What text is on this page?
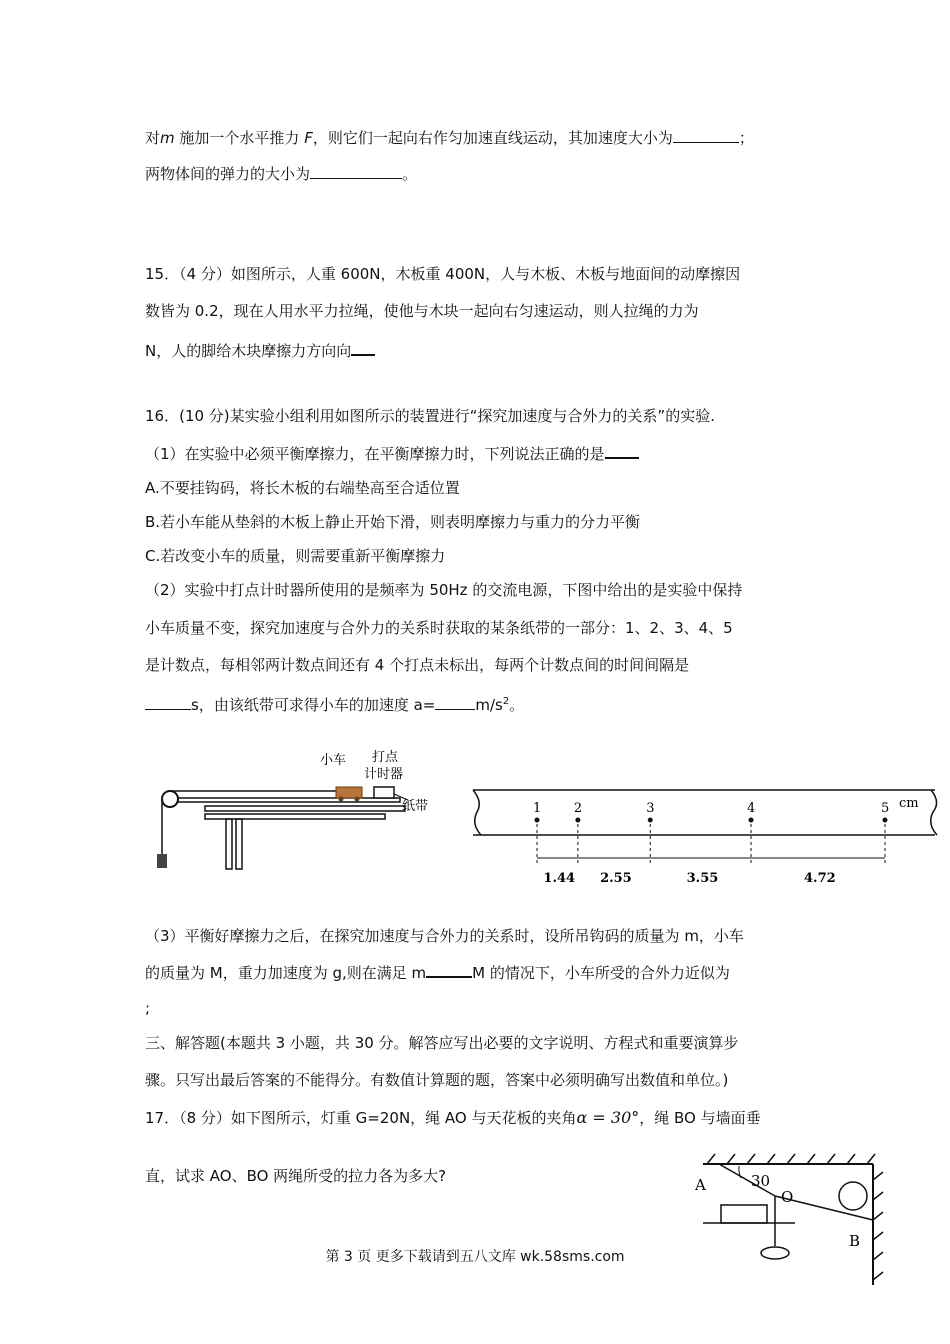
对m 施加一个水平推力 F，则它们一起向右作匀加速直线运动，其加速度大小为	；
两物体间的弹力的大小为	。
15．（4 分）如图所示，人重 600N，木板重 400N，人与木板、木板与地面间的动摩擦因
数皆为 0.2，现在人用水平力拉绳，使他与木块一起向右匀速运动，则人拉绳的力为
N，人的脚给木块摩擦力方向向
16．(10 分)某实验小组利用如图所示的装置进行“探究加速度与合外力的关系”的实验.
（1）在实验中必须平衡摩擦力，在平衡摩擦力时，下列说法正确的是
A.不要挂钩码，将长木板的右端垫高至合适位置
B.若小车能从垫斜的木板上静止开始下滑，则表明摩擦力与重力的分力平衡
C.若改变小车的质量，则需要重新平衡摩擦力
（2）实验中打点计时器所使用的是频率为 50Hz 的交流电源，下图中给出的是实验中保持
小车质量不变，探究加速度与合外力的关系时获取的某条纸带的一部分：1、2、3、4、5
是计数点，每相邻两计数点间还有 4 个打点未标出，每两个计数点间的时间间隔是
s，由该纸带可求得小车的加速度 a=	$m/s^2$。
小车 打点
计时器
纸带	cm
1	2	3	4	5
1.44 2.55	3.55	4.72
（3）平衡好摩擦力之后，在探究加速度与合外力的关系时，设所吊钩码的质量为 m，小车
的质量为 M，重力加速度为 g,则在满足 m	M 的情况下，小车所受的合外力近似为
;
三、解答题(本题共 3 小题，共 30 分。解答应写出必要的文字说明、方程式和重要演算步
骤。只写出最后答案的不能得分。有数值计算题的题，答案中必须明确写出数值和单位。)
17．（8 分）如下图所示，灯重 G=20N，绳 AO 与天花板的夹角α = 30°，绳 BO 与墙面垂
直，试求 AO、BO 两绳所受的拉力各为多大?	A
O
B
30
第 3 页 更多下载请到五八文库 wk.58sms.com
